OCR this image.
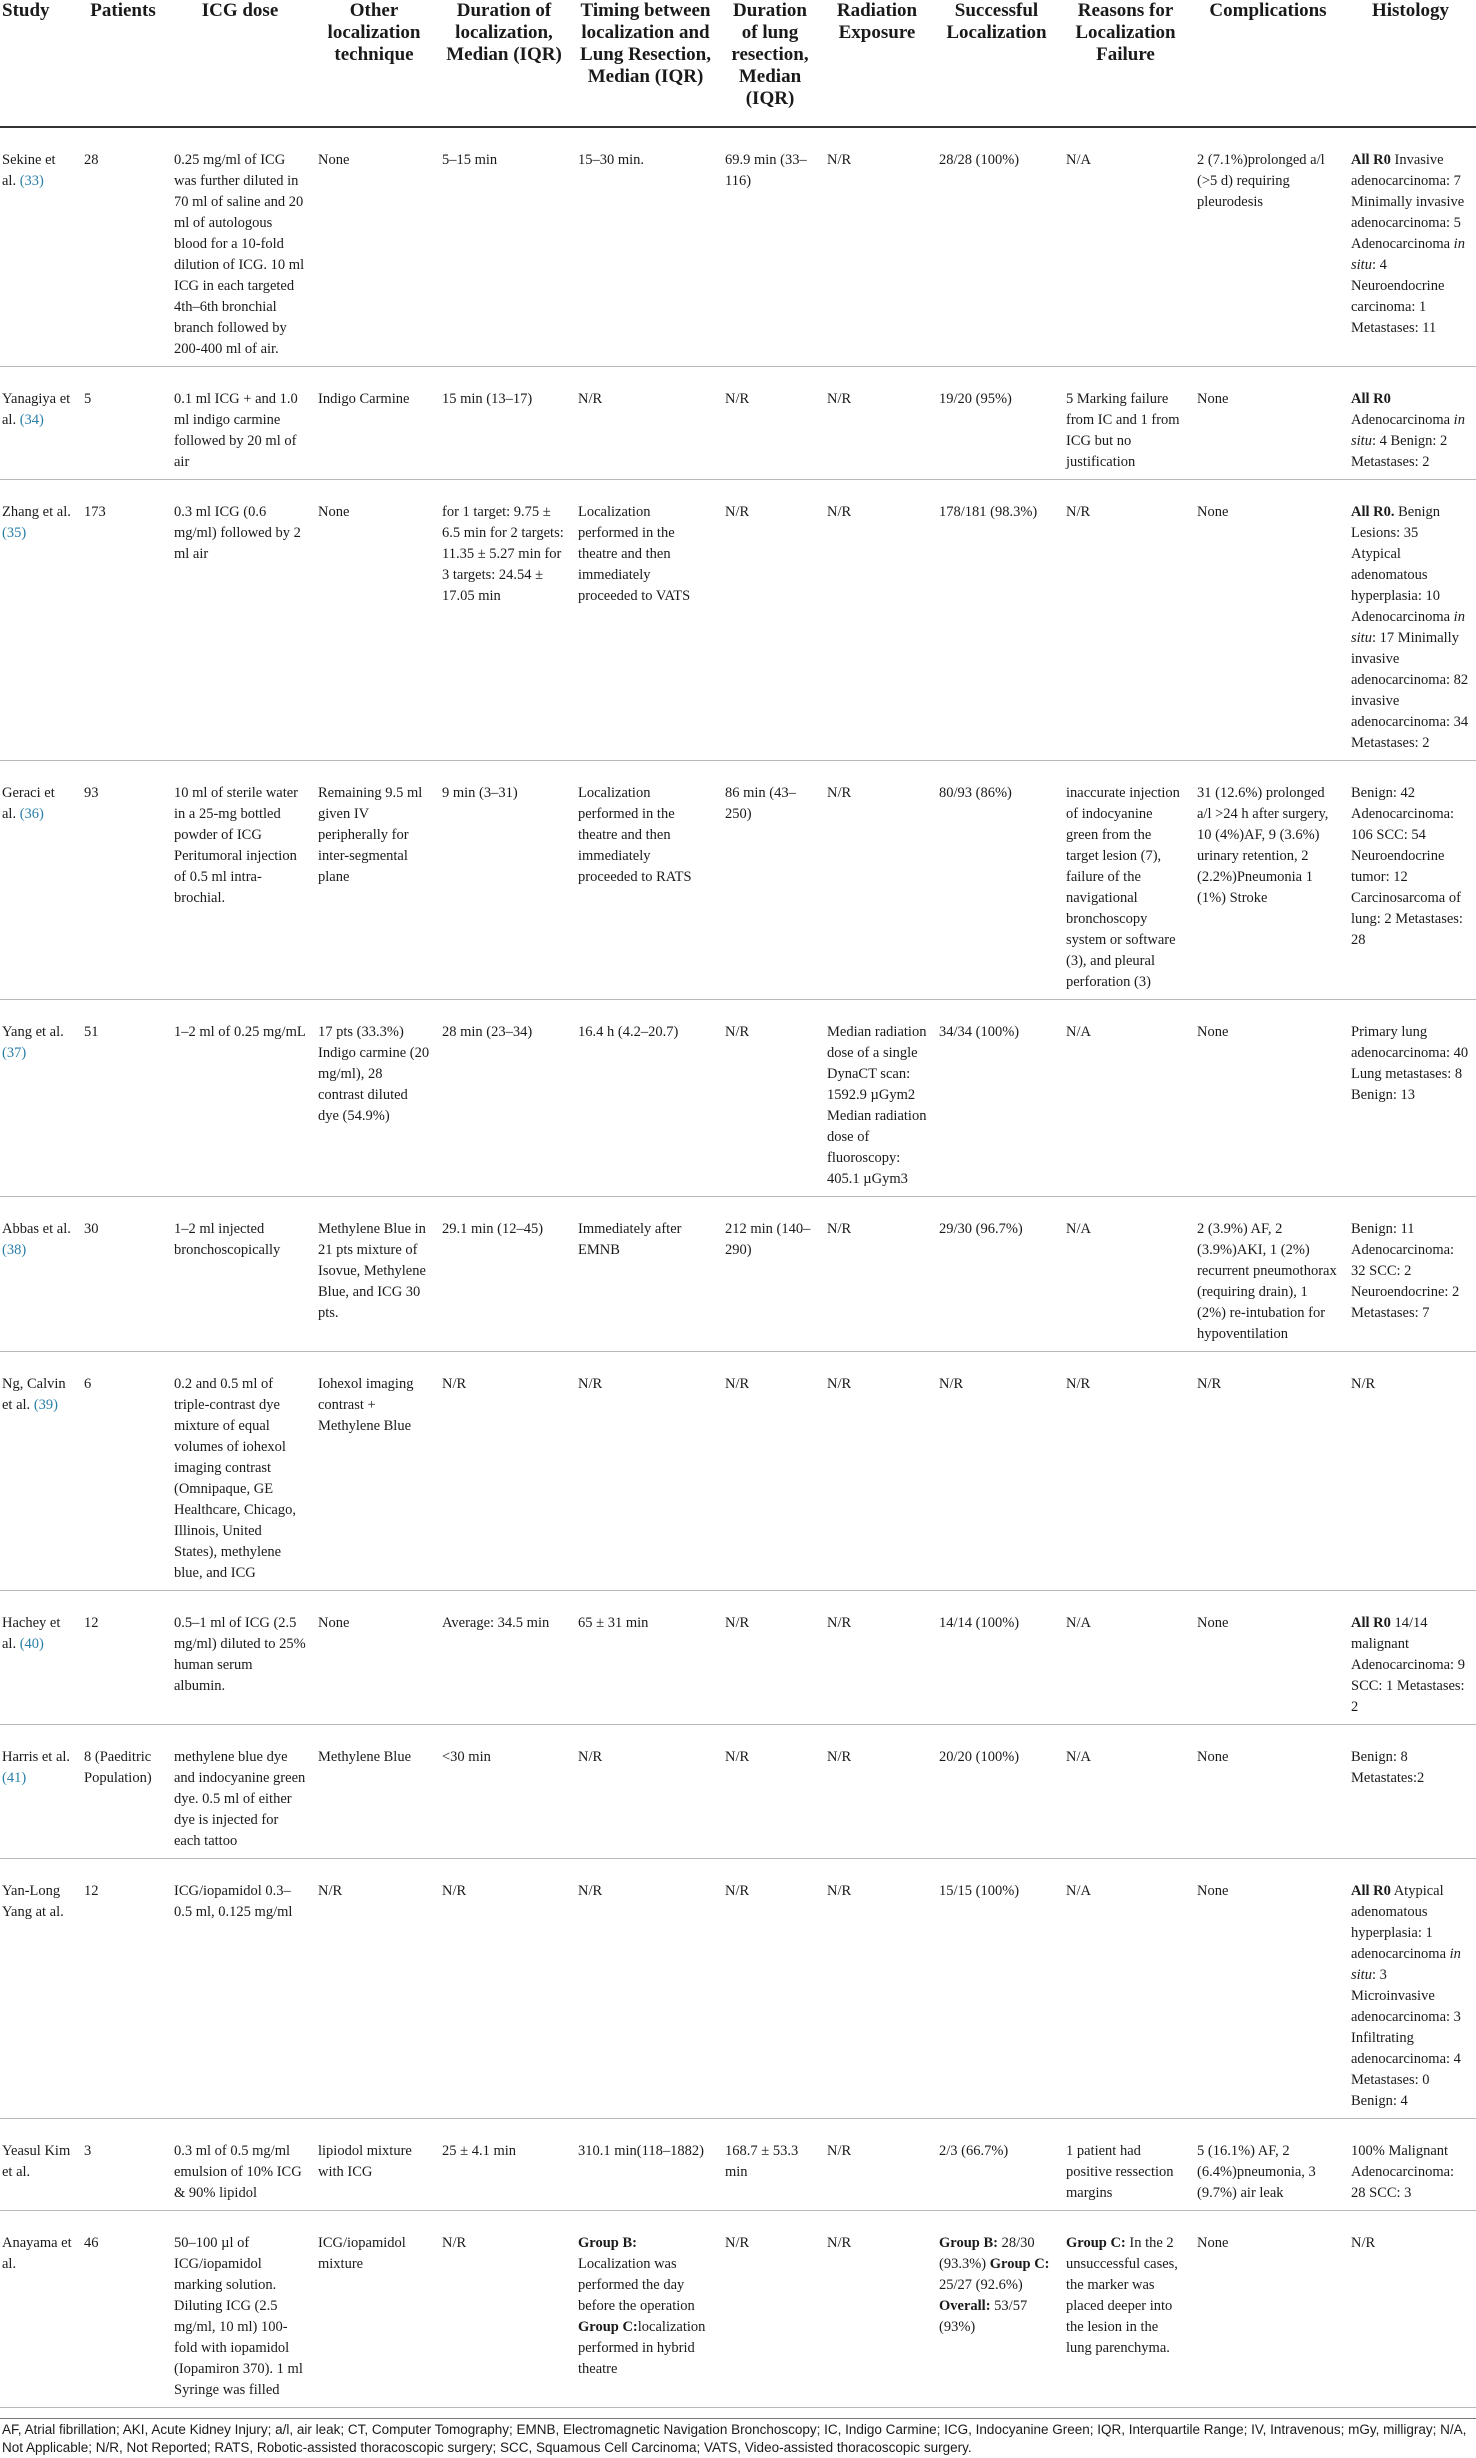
Study	Patients	ICG dose	Other localization technique	Duration of localization, Median (IQR)	Timing between localization and Lung Resection, Median (IQR)	Duration of lung resection, Median (IQR)	Radiation Exposure	Successful Localization	Reasons for Localization Failure	Complications	Histology
Sekine et al. (33)	28	0.25 mg/ml of ICG was further diluted in 70 ml of saline and 20 ml of autologous blood for a 10-fold dilution of ICG. 10 ml ICG in each targeted 4th–6th bronchial branch followed by 200-400 ml of air.	None	5–15 min	15–30 min.	69.9 min (33–116)	N/R	28/28 (100%)	N/A	2 (7.1%)prolonged a/l (>5 d) requiring pleurodesis	All R0 Invasive adenocarcinoma: 7 Minimally invasive adenocarcinoma: 5 Adenocarcinoma in situ: 4 Neuroendocrine carcinoma: 1 Metastases: 11
Yanagiya et al. (34)	5	0.1 ml ICG + and 1.0 ml indigo carmine followed by 20 ml of air	Indigo Carmine	15 min (13–17)	N/R	N/R	N/R	19/20 (95%)	5 Marking failure from IC and 1 from ICG but no justification	None	All R0 Adenocarcinoma in situ: 4 Benign: 2 Metastases: 2
Zhang et al. (35)	173	0.3 ml ICG (0.6 mg/ml) followed by 2 ml air	None	for 1 target: 9.75 ± 6.5 min for 2 targets: 11.35 ± 5.27 min for 3 targets: 24.54 ± 17.05 min	Localization performed in the theatre and then immediately proceeded to VATS	N/R	N/R	178/181 (98.3%)	N/R	None	All R0. Benign Lesions: 35 Atypical adenomatous hyperplasia: 10 Adenocarcinoma in situ: 17 Minimally invasive adenocarcinoma: 82 invasive adenocarcinoma: 34 Metastases: 2
Geraci et al. (36)	93	10 ml of sterile water in a 25-mg bottled powder of ICG Peritumoral injection of 0.5 ml intra-brochial.	Remaining 9.5 ml given IV peripherally for inter-segmental plane	9 min (3–31)	Localization performed in the theatre and then immediately proceeded to RATS	86 min (43–250)	N/R	80/93 (86%)	inaccurate injection of indocyanine green from the target lesion (7), failure of the navigational bronchoscopy system or software (3), and pleural perforation (3)	31 (12.6%) prolonged a/l >24 h after surgery, 10 (4%)AF, 9 (3.6%) urinary retention, 2 (2.2%)Pneumonia 1 (1%) Stroke	Benign: 42 Adenocarcinoma: 106 SCC: 54 Neuroendocrine tumor: 12 Carcinosarcoma of lung: 2 Metastases: 28
Yang et al. (37)	51	1–2 ml of 0.25 mg/mL	17 pts (33.3%) Indigo carmine (20 mg/ml), 28 contrast diluted dye (54.9%)	28 min (23–34)	16.4 h (4.2–20.7)	N/R	Median radiation dose of a single DynaCT scan: 1592.9 µGym2 Median radiation dose of fluoroscopy: 405.1 µGym3	34/34 (100%)	N/A	None	Primary lung adenocarcinoma: 40 Lung metastases: 8 Benign: 13
Abbas et al. (38)	30	1–2 ml injected bronchoscopically	Methylene Blue in 21 pts mixture of Isovue, Methylene Blue, and ICG 30 pts.	29.1 min (12–45)	Immediately after EMNB	212 min (140–290)	N/R	29/30 (96.7%)	N/A	2 (3.9%) AF, 2 (3.9%)AKI, 1 (2%) recurrent pneumothorax (requiring drain), 1 (2%) re-intubation for hypoventilation	Benign: 11 Adenocarcinoma: 32 SCC: 2 Neuroendocrine: 2 Metastases: 7
Ng, Calvin et al. (39)	6	0.2 and 0.5 ml of triple-contrast dye mixture of equal volumes of iohexol imaging contrast (Omnipaque, GE Healthcare, Chicago, Illinois, United States), methylene blue, and ICG	Iohexol imaging contrast + Methylene Blue	N/R	N/R	N/R	N/R	N/R	N/R	N/R	N/R
Hachey et al. (40)	12	0.5–1 ml of ICG (2.5 mg/ml) diluted to 25% human serum albumin.	None	Average: 34.5 min	65 ± 31 min	N/R	N/R	14/14 (100%)	N/A	None	All R0 14/14 malignant Adenocarcinoma: 9 SCC: 1 Metastases: 2
Harris et al. (41)	8 (Paeditric Population)	methylene blue dye and indocyanine green dye. 0.5 ml of either dye is injected for each tattoo	Methylene Blue	<30 min	N/R	N/R	N/R	20/20 (100%)	N/A	None	Benign: 8 Metastates:2
Yan-Long Yang at al.	12	ICG/iopamidol 0.3–0.5 ml, 0.125 mg/ml	N/R	N/R	N/R	N/R	N/R	15/15 (100%)	N/A	None	All R0 Atypical adenomatous hyperplasia: 1 adenocarcinoma in situ: 3 Microinvasive adenocarcinoma: 3 Infiltrating adenocarcinoma: 4 Metastases: 0 Benign: 4
Yeasul Kim et al.	3	0.3 ml of 0.5 mg/ml emulsion of 10% ICG & 90% lipidol	lipiodol mixture with ICG	25 ± 4.1 min	310.1 min(118–1882)	168.7 ± 53.3 min	N/R	2/3 (66.7%)	1 patient had positive ressection margins	5 (16.1%) AF, 2 (6.4%)pneumonia, 3 (9.7%) air leak	100% Malignant Adenocarcinoma: 28 SCC: 3
Anayama et al.	46	50–100 µl of ICG/iopamidol marking solution. Diluting ICG (2.5 mg/ml, 10 ml) 100-fold with iopamidol (Iopamiron 370). 1 ml Syringe was filled	ICG/iopamidol mixture	N/R	Group B: Localization was performed the day before the operation Group C:localization performed in hybrid theatre	N/R	N/R	Group B: 28/30 (93.3%) Group C: 25/27 (92.6%) Overall: 53/57 (93%)	Group C: In the 2 unsuccessful cases, the marker was placed deeper into the lesion in the lung parenchyma.	None	N/R
AF, Atrial fibrillation; AKI, Acute Kidney Injury; a/l, air leak; CT, Computer Tomography; EMNB, Electromagnetic Navigation Bronchoscopy; IC, Indigo Carmine; ICG, Indocyanine Green; IQR, Interquartile Range; IV, Intravenous; mGy, milligray; N/A, Not Applicable; N/R, Not Reported; RATS, Robotic-assisted thoracoscopic surgery; SCC, Squamous Cell Carcinoma; VATS, Video-assisted thoracoscopic surgery.
